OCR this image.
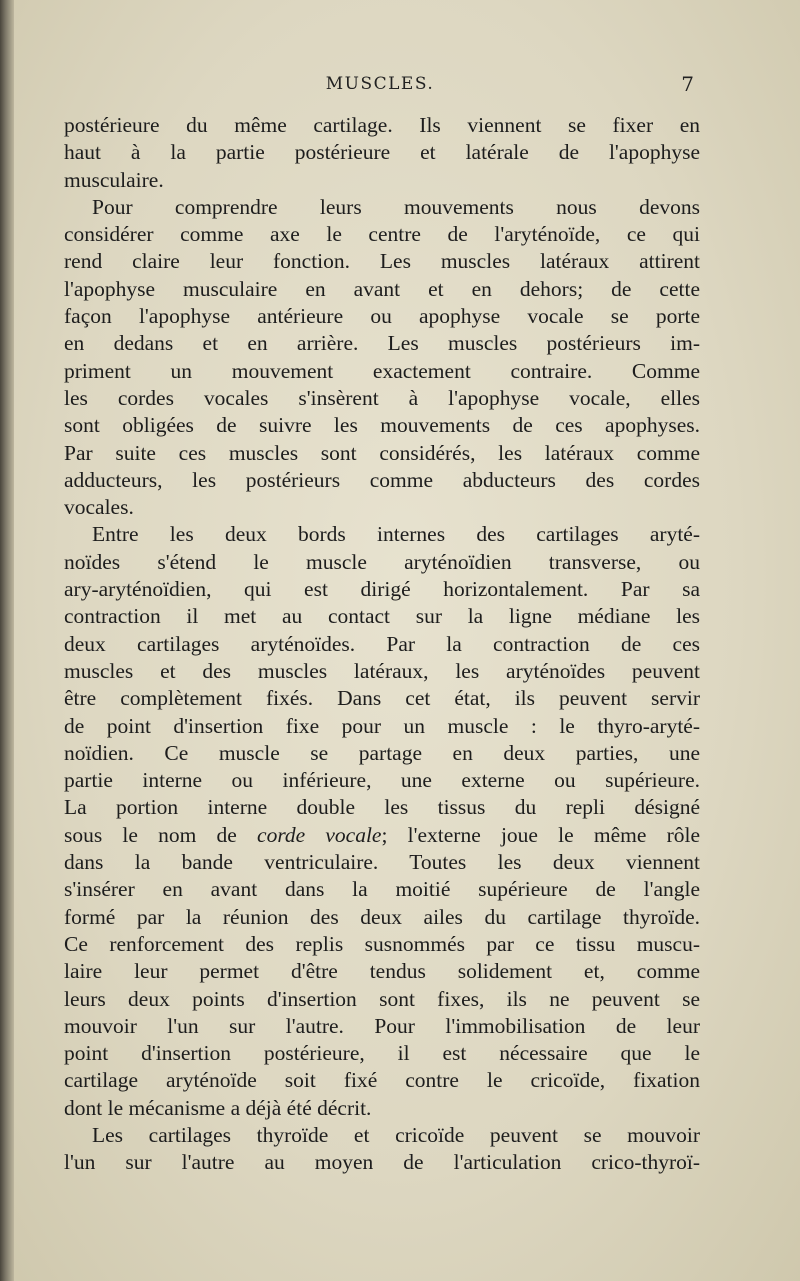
MUSCLES.	7
postérieure du même cartilage. Ils viennent se fixer en
haut à la partie postérieure et latérale de l'apophyse
musculaire.
Pour comprendre leurs mouvements nous devons
considérer comme axe le centre de l'aryténoïde, ce qui
rend claire leur fonction. Les muscles latéraux attirent
l'apophyse musculaire en avant et en dehors; de cette
façon l'apophyse antérieure ou apophyse vocale se porte
en dedans et en arrière. Les muscles postérieurs im-
priment un mouvement exactement contraire. Comme
les cordes vocales s'insèrent à l'apophyse vocale, elles
sont obligées de suivre les mouvements de ces apophyses.
Par suite ces muscles sont considérés, les latéraux comme
adducteurs, les postérieurs comme abducteurs des cordes
vocales.
Entre les deux bords internes des cartilages aryté-
noïdes s'étend le muscle aryténoïdien transverse, ou
ary-aryténoïdien, qui est dirigé horizontalement. Par sa
contraction il met au contact sur la ligne médiane les
deux cartilages aryténoïdes. Par la contraction de ces
muscles et des muscles latéraux, les aryténoïdes peuvent
être complètement fixés. Dans cet état, ils peuvent servir
de point d'insertion fixe pour un muscle : le thyro-aryté-
noïdien. Ce muscle se partage en deux parties, une
partie interne ou inférieure, une externe ou supérieure.
La portion interne double les tissus du repli désigné
sous le nom de corde vocale; l'externe joue le même rôle
dans la bande ventriculaire. Toutes les deux viennent
s'insérer en avant dans la moitié supérieure de l'angle
formé par la réunion des deux ailes du cartilage thyroïde.
Ce renforcement des replis susnommés par ce tissu muscu-
laire leur permet d'être tendus solidement et, comme
leurs deux points d'insertion sont fixes, ils ne peuvent se
mouvoir l'un sur l'autre. Pour l'immobilisation de leur
point d'insertion postérieure, il est nécessaire que le
cartilage aryténoïde soit fixé contre le cricoïde, fixation
dont le mécanisme a déjà été décrit.
Les cartilages thyroïde et cricoïde peuvent se mouvoir
l'un sur l'autre au moyen de l'articulation crico-thyroï-
